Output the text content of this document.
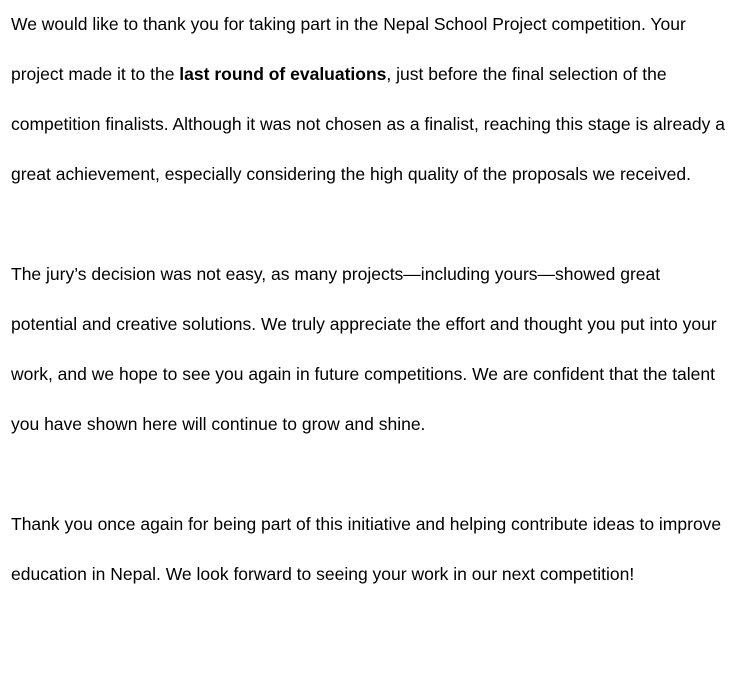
We would like to thank you for taking part in the Nepal School Project competition. Your project made it to the last round of evaluations, just before the final selection of the competition finalists. Although it was not chosen as a finalist, reaching this stage is already a great achievement, especially considering the high quality of the proposals we received.

The jury’s decision was not easy, as many projects—including yours—showed great potential and creative solutions. We truly appreciate the effort and thought you put into your work, and we hope to see you again in future competitions. We are confident that the talent you have shown here will continue to grow and shine.

Thank you once again for being part of this initiative and helping contribute ideas to improve education in Nepal. We look forward to seeing your work in our next competition!
